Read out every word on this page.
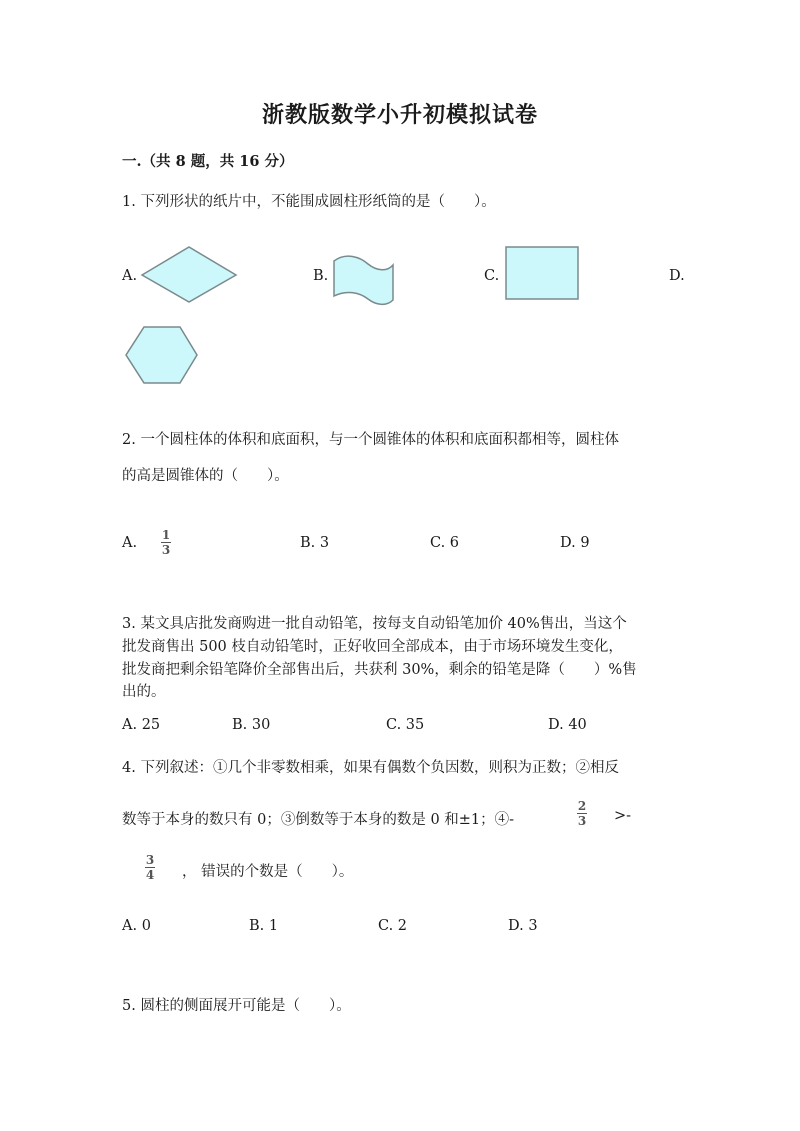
浙教版数学小升初模拟试卷
一.（共 8 题，共 16 分）
1. 下列形状的纸片中，不能围成圆柱形纸筒的是（　　）。
A.	B.	C.	D.
2. 一个圆柱体的体积和底面积，与一个圆锥体的体积和底面积都相等，圆柱体
的高是圆锥体的（　　）。
A. 1
3	B. 3	C. 6	D. 9
3. 某文具店批发商购进一批自动铅笔，按每支自动铅笔加价 40%售出，当这个
批发商售出 500 枝自动铅笔时，正好收回全部成本，由于市场环境发生变化，
批发商把剩余铅笔降价全部售出后，共获利 30%，剩余的铅笔是降（　　）%售
出的。
A. 25	B. 30	C. 35	D. 40
4. 下列叙述：①几个非零数相乘，如果有偶数个负因数，则积为正数；②相反
数等于本身的数只有 0；③倒数等于本身的数是 0 和±1；④-
2
3 >-
3
4 ， 错误的个数是（　　）。
A. 0	B. 1	C. 2	D. 3
5. 圆柱的侧面展开可能是（　　）。
